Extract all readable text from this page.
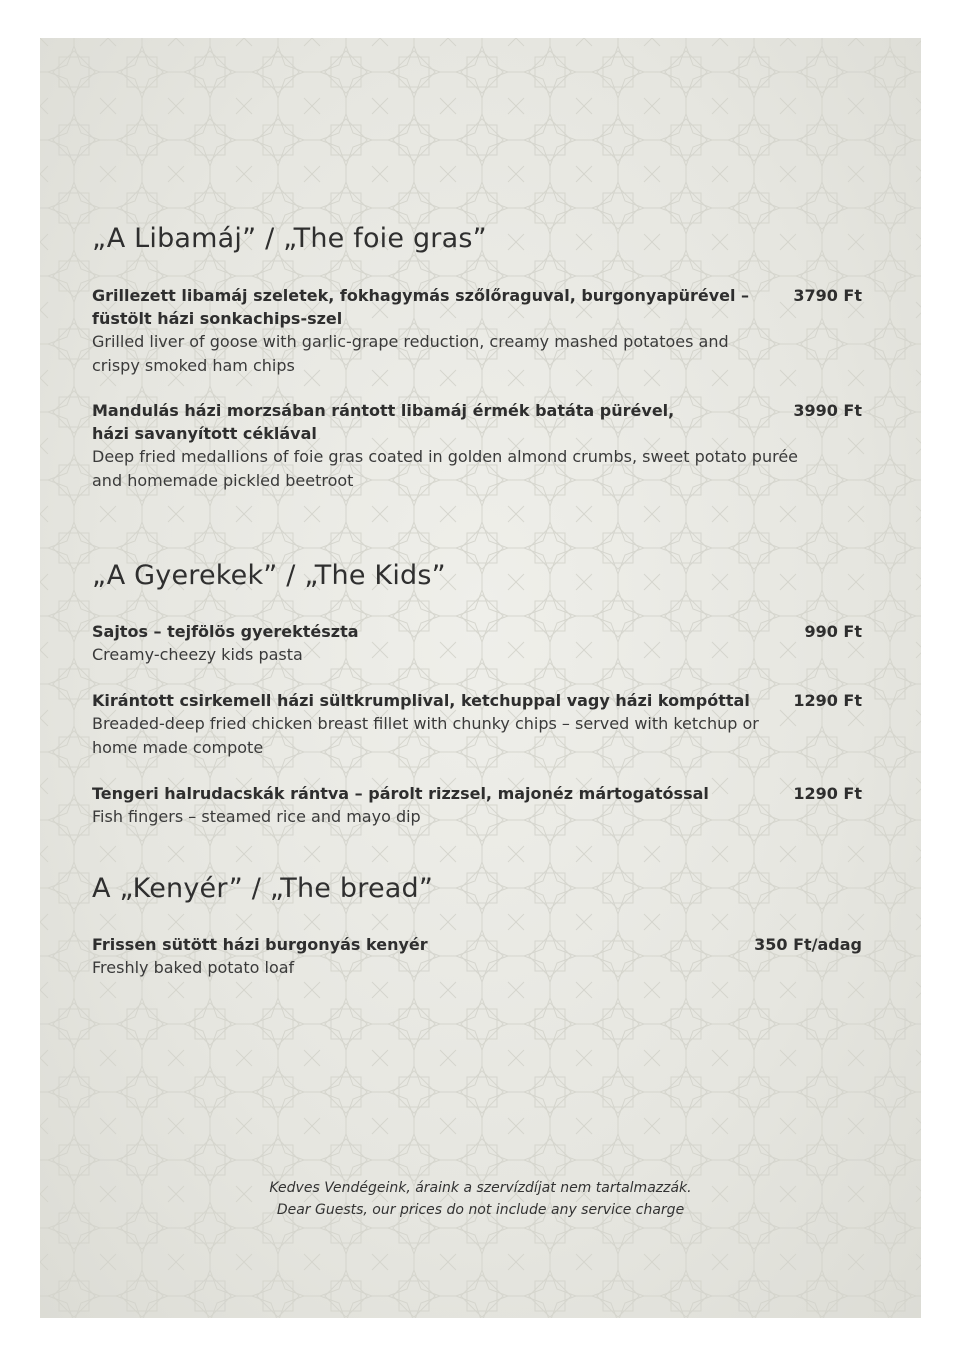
„A Libamáj” / „The foie gras”
Grillezett libamáj szeletek, fokhagymás szőlőraguval, burgonyapürével –
füstölt házi sonkachips-szel
Grilled liver of goose with garlic-grape reduction, creamy mashed potatoes and
crispy smoked ham chips
3790 Ft
Mandulás házi morzsában rántott libamáj érmék batáta pürével,
házi savanyított céklával
Deep fried medallions of foie gras coated in golden almond crumbs, sweet potato purée
and homemade pickled beetroot
3990 Ft
„A Gyerekek” / „The Kids”
Sajtos – tejfölös gyerektészta
Creamy-cheezy kids pasta
990 Ft
Kirántott csirkemell házi sültkrumplival, ketchuppal vagy házi kompóttal
Breaded-deep fried chicken breast fillet with chunky chips – served with ketchup or
home made compote
1290 Ft
Tengeri halrudacskák rántva – párolt rizzsel, majonéz mártogatóssal
Fish fingers – steamed rice and mayo dip
1290 Ft
A „Kenyér” / „The bread”
Frissen sütött házi burgonyás kenyér
Freshly baked potato loaf
350 Ft/adag
Kedves Vendégeink, áraink a szervízdíjat nem tartalmazzák.
Dear Guests, our prices do not include any service charge
